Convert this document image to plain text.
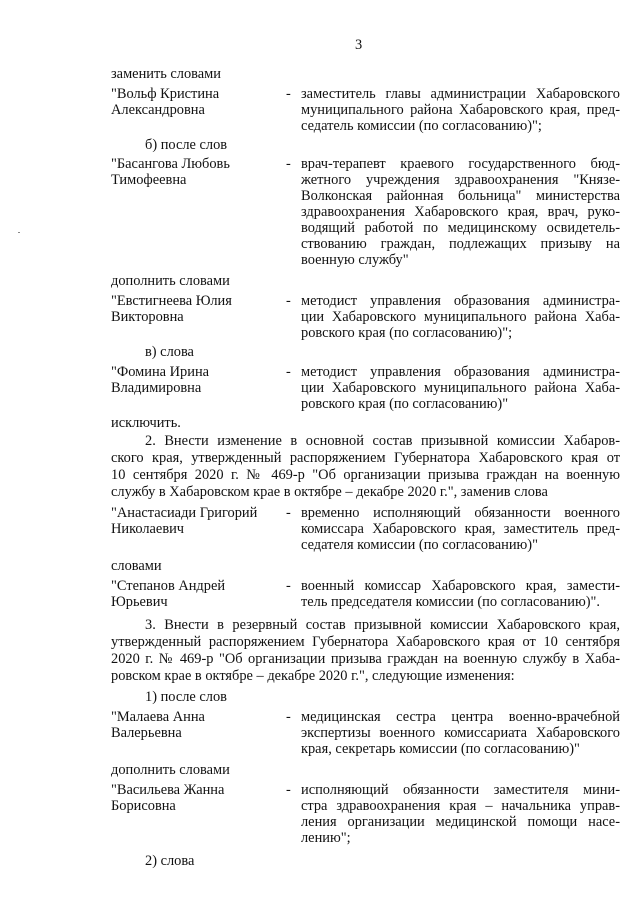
3
заменить словами
"Вольф Кристина
Александровна
- заместитель главы администрации Хабаровского
муниципального района Хабаровского края, пред-
седатель комиссии (по согласованию)";
б) после слов
"Басангова Любовь
Тимофеевна
- врач-терапевт краевого государственного бюд-
жетного учреждения здравоохранения "Князе-
Волконская районная больница" министерства
здравоохранения Хабаровского края, врач, руко-
водящий работой по медицинскому освидетель-
ствованию граждан, подлежащих призыву на
военную службу"
дополнить словами
"Евстигнеева Юлия
Викторовна
- методист управления образования администра-
ции Хабаровского муниципального района Хаба-
ровского края (по согласованию)";
в) слова
"Фомина Ирина
Владимировна
- методист управления образования администра-
ции Хабаровского муниципального района Хаба-
ровского края (по согласованию)"
исключить.
2. Внести изменение в основной состав призывной комиссии Хабаров-
ского края, утвержденный распоряжением Губернатора Хабаровского края от
10 сентября 2020 г. № 469-р "Об организации призыва граждан на военную
службу в Хабаровском крае в октябре – декабре 2020 г.", заменив слова
"Анастасиади Григорий
Николаевич
- временно исполняющий обязанности военного
комиссара Хабаровского края, заместитель пред-
седателя комиссии (по согласованию)"
словами
"Степанов Андрей
Юрьевич
- военный комиссар Хабаровского края, замести-
тель председателя комиссии (по согласованию)".
3. Внести в резервный состав призывной комиссии Хабаровского края,
утвержденный распоряжением Губернатора Хабаровского края от 10 сентября
2020 г. № 469-р "Об организации призыва граждан на военную службу в Хаба-
ровском крае в октябре – декабре 2020 г.", следующие изменения:
1) после слов
"Малаева Анна
Валерьевна
- медицинская сестра центра военно-врачебной
экспертизы военного комиссариата Хабаровского
края, секретарь комиссии (по согласованию)"
дополнить словами
"Васильева Жанна
Борисовна
- исполняющий обязанности заместителя мини-
стра здравоохранения края – начальника управ-
ления организации медицинской помощи насе-
лению";
2) слова
